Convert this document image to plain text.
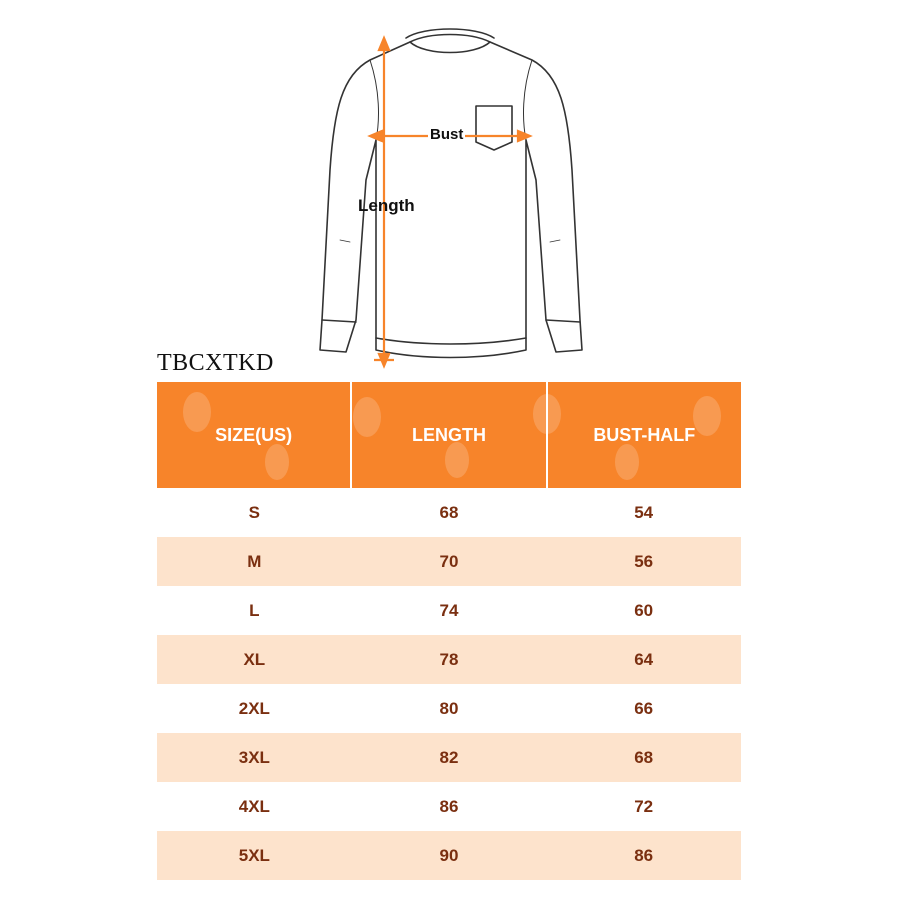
Bust
Length
TBCXTKD
SIZE(US)	LENGTH	BUST-HALF
S	68	54
M	70	56
L	74	60
XL	78	64
2XL	80	66
3XL	82	68
4XL	86	72
5XL	90	86
